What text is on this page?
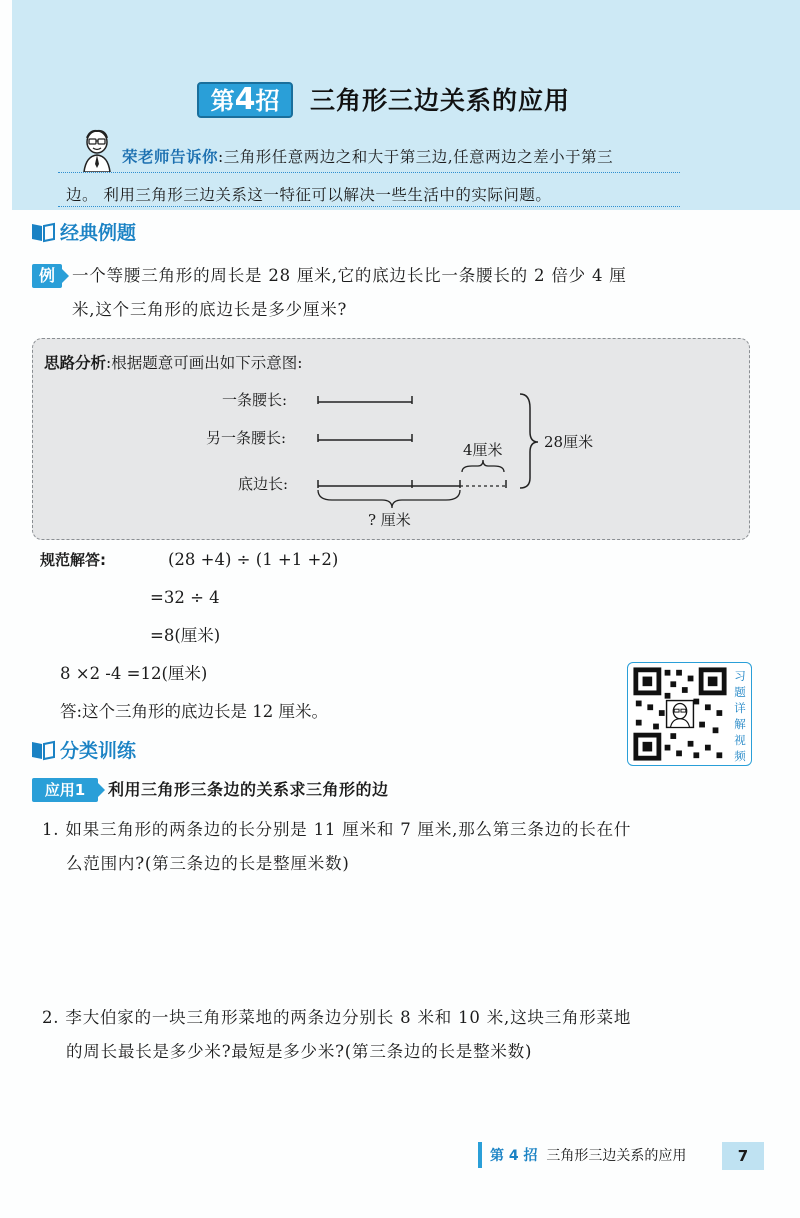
第4招	三角形三边关系的应用
荣老师告诉你:三角形任意两边之和大于第三边,任意两边之差小于第三
边。 利用三角形三边关系这一特征可以解决一些生活中的实际问题。
经典例题
例	一个等腰三角形的周长是 28 厘米,它的底边长比一条腰长的 2 倍少 4 厘
米,这个三角形的底边长是多少厘米?
思路分析:根据题意可画出如下示意图:
一条腰长:
另一条腰长:
底边长:
4厘米	28厘米
? 厘米
规范解答:	(28 +4) ÷ (1 +1 +2)
=32 ÷ 4
=8(厘米)
8 ×2 -4 =12(厘米)
答:这个三角形的底边长是 12 厘米。
习
题
详
解
视
频
分类训练
应用1	利用三角形三条边的关系求三角形的边
1. 如果三角形的两条边的长分别是 11 厘米和 7 厘米,那么第三条边的长在什
么范围内?(第三条边的长是整厘米数)
2. 李大伯家的一块三角形菜地的两条边分别长 8 米和 10 米,这块三角形菜地
的周长最长是多少米?最短是多少米?(第三条边的长是整米数)
第 4 招 三角形三边关系的应用	7
